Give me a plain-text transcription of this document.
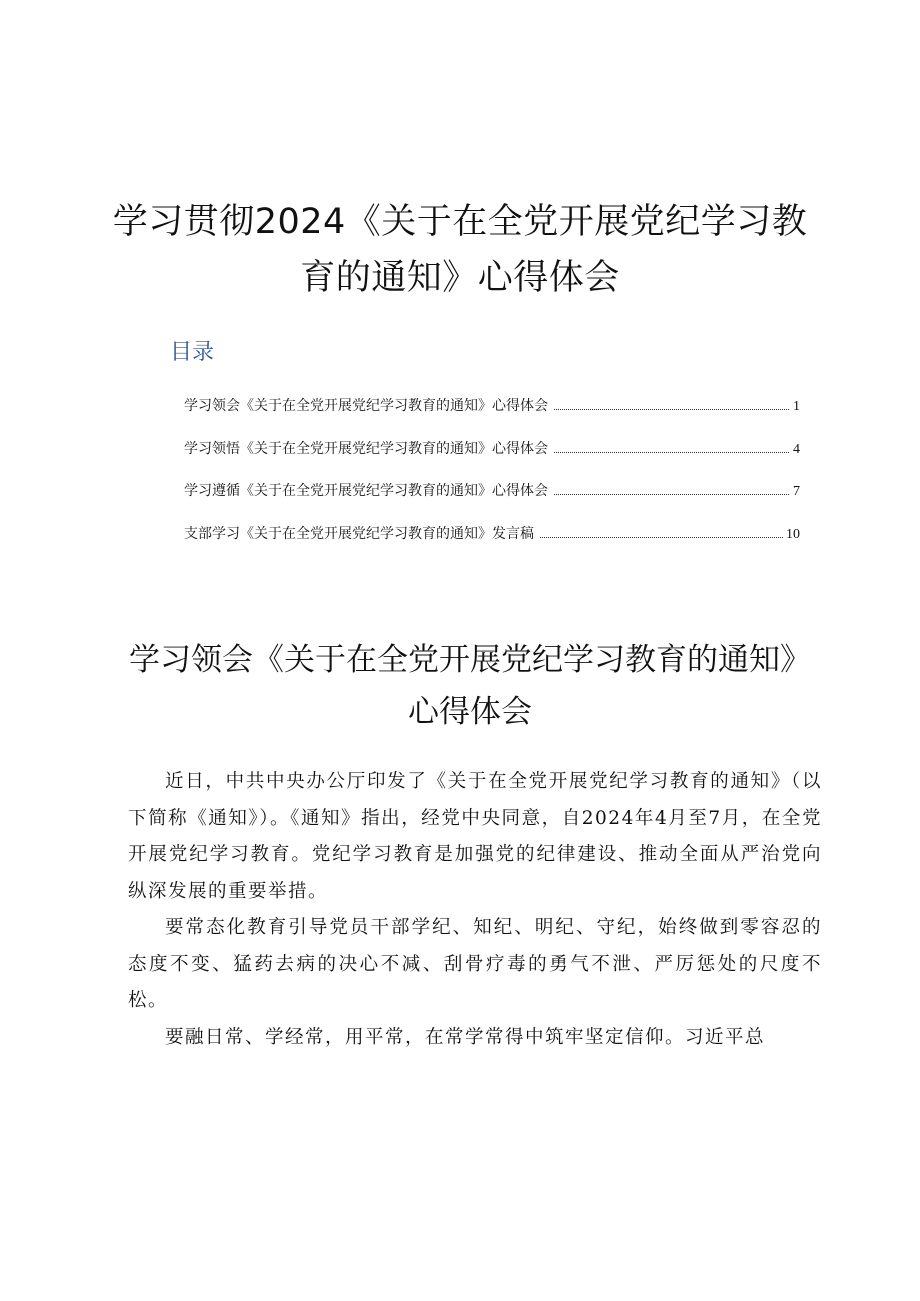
学习贯彻2024《关于在全党开展党纪学习教
育的通知》心得体会
目录
学习领会《关于在全党开展党纪学习教育的通知》心得体会	1
学习领悟《关于在全党开展党纪学习教育的通知》心得体会	4
学习遵循《关于在全党开展党纪学习教育的通知》心得体会	7
支部学习《关于在全党开展党纪学习教育的通知》发言稿	10
学习领会《关于在全党开展党纪学习教育的通知》
心得体会

近日，中共中央办公厅印发了《关于在全党开展党纪学习教育的通知》（以下简称《通知》）。《通知》指出，经党中央同意，自2024年4月至7月，在全党开展党纪学习教育。党纪学习教育是加强党的纪律建设、推动全面从严治党向纵深发展的重要举措。

要常态化教育引导党员干部学纪、知纪、明纪、守纪，始终做到零容忍的态度不变、猛药去病的决心不减、刮骨疗毒的勇气不泄、严厉惩处的尺度不松。

要融日常、学经常，用平常，在常学常得中筑牢坚定信仰。习近平总
